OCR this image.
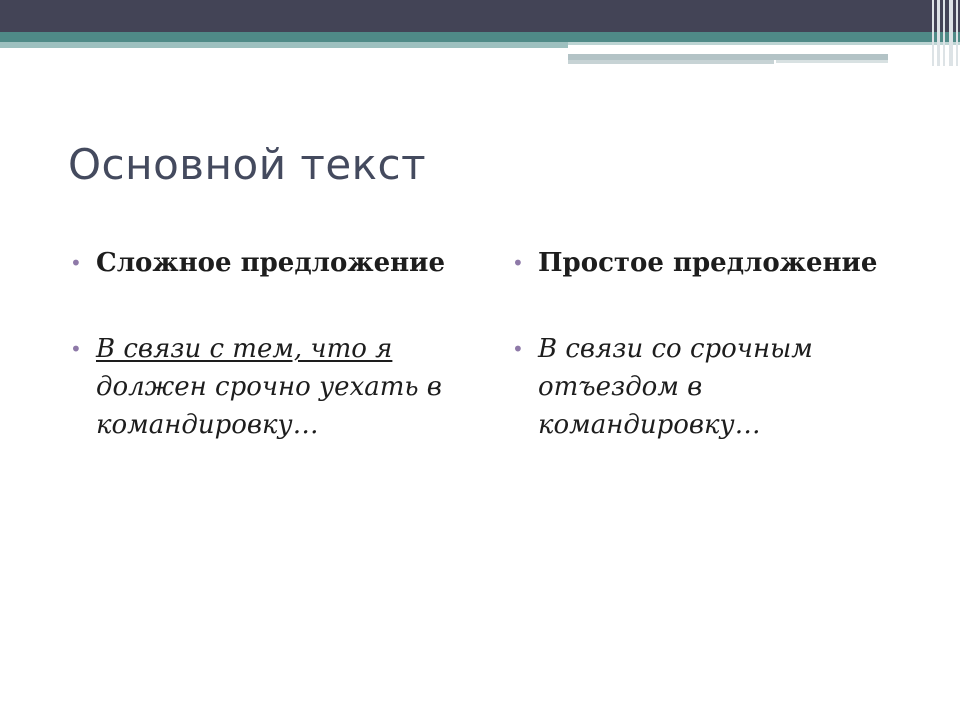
Основной текст
• Сложное предложение
• В связи с тем, что я должен срочно уехать в командировку…
• Простое предложение
• В связи со срочным отъездом в командировку…
